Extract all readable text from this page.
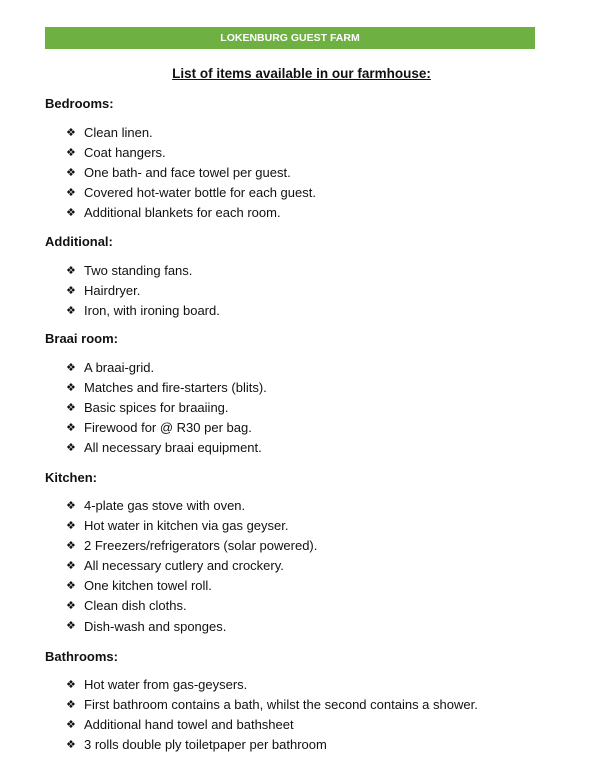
LOKENBURG GUEST FARM
List of items available in our farmhouse:
Bedrooms:
❖ Clean linen.
❖ Coat hangers.
❖ One bath- and face towel per guest.
❖ Covered hot-water bottle for each guest.
❖ Additional blankets for each room.
Additional:
❖ Two standing fans.
❖ Hairdryer.
❖ Iron, with ironing board.
Braai room:
❖ A braai-grid.
❖ Matches and fire-starters (blits).
❖ Basic spices for braaiing.
❖ Firewood for @ R30 per bag.
❖ All necessary braai equipment.
Kitchen:
❖ 4-plate gas stove with oven.
❖ Hot water in kitchen via gas geyser.
❖ 2 Freezers/refrigerators (solar powered).
❖ All necessary cutlery and crockery.
❖ One kitchen towel roll.
❖ Clean dish cloths.
❖ Dish-wash and sponges.
Bathrooms:
❖ Hot water from gas-geysers.
❖ First bathroom contains a bath, whilst the second contains a shower.
❖ Additional hand towel and bathsheet
❖ 3 rolls double ply toiletpaper per bathroom
